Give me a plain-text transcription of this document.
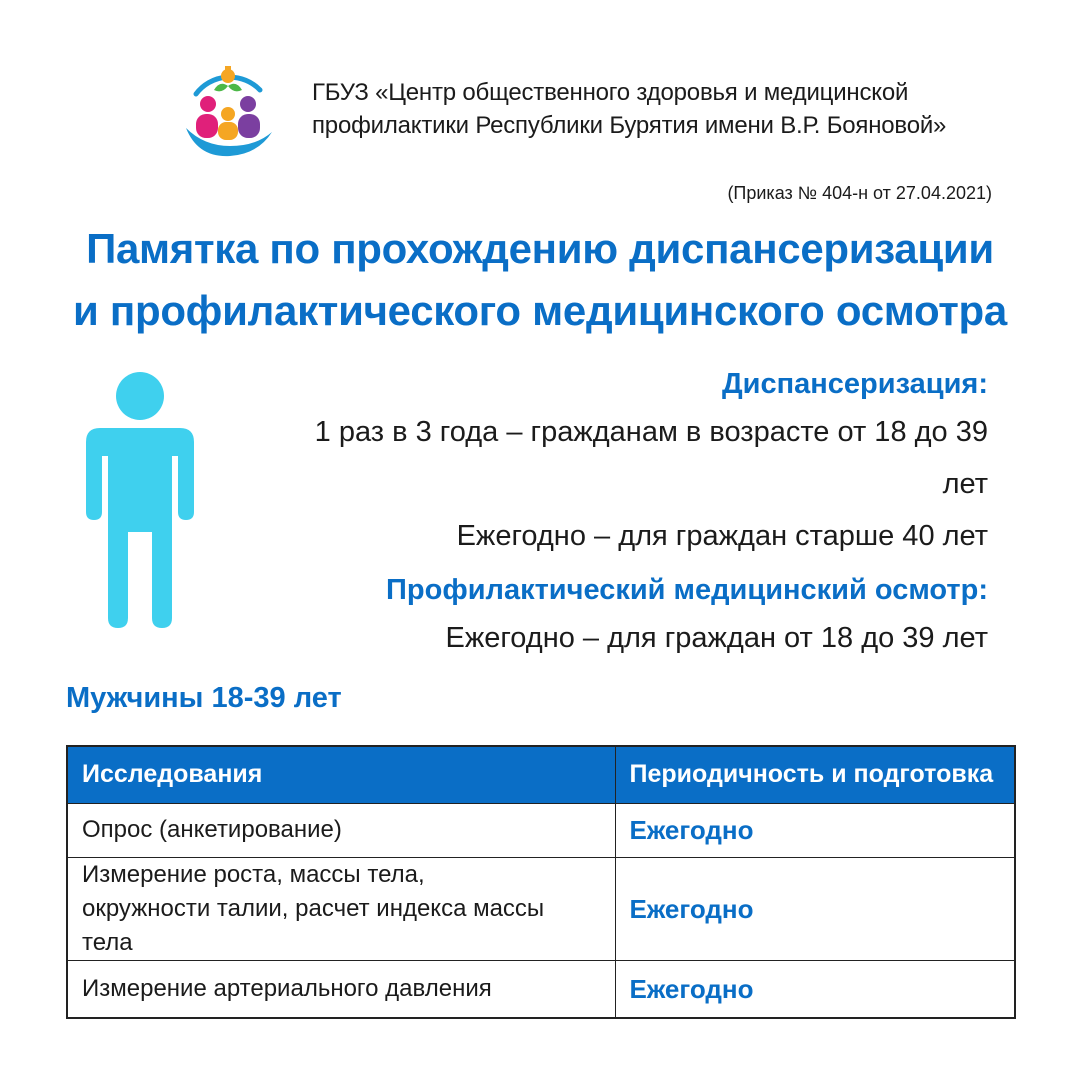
ГБУЗ «Центр общественного здоровья и медицинской
профилактики Республики Бурятия имени В.Р. Бояновой»
(Приказ № 404-н от 27.04.2021)
Памятка по прохождению диспансеризации
и профилактического медицинского осмотра
Диспансеризация:
1 раз в 3 года – гражданам в возрасте от 18 до 39 лет
Ежегодно – для граждан старше 40 лет
Профилактический медицинский осмотр:
Ежегодно – для граждан от 18 до 39 лет
Мужчины 18-39 лет
Исследования	Периодичность и подготовка
Опрос (анкетирование)	Ежегодно

Измерение роста, массы тела,
окружности талии, расчет индекса массы тела	Ежегодно
Измерение артериального давления	Ежегодно
